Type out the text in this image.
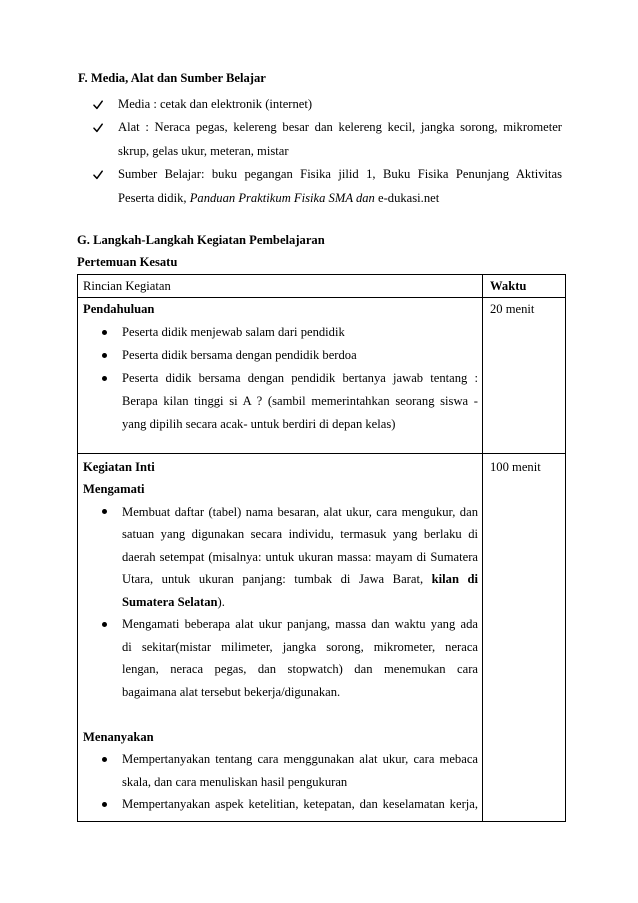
F. Media, Alat dan Sumber Belajar
Media : cetak dan elektronik (internet)
Alat : Neraca pegas, kelereng besar dan kelereng kecil, jangka sorong, mikrometer
skrup, gelas ukur, meteran, mistar
Sumber Belajar: buku pegangan Fisika jilid 1, Buku Fisika Penunjang Aktivitas
Peserta didik, Panduan Praktikum Fisika SMA dan e-dukasi.net
G. Langkah-Langkah Kegiatan Pembelajaran
Pertemuan Kesatu
Rincian Kegiatan	Waktu
Pendahuluan
Peserta didik menjewab salam dari pendidik
Peserta didik bersama dengan pendidik berdoa
Peserta didik bersama dengan pendidik bertanya jawab tentang :
Berapa kilan tinggi si A ? (sambil memerintahkan seorang siswa -
yang dipilih secara acak- untuk berdiri di depan kelas)
20 menit
Kegiatan Inti
Mengamati
Membuat daftar (tabel) nama besaran, alat ukur, cara mengukur, dan
satuan yang digunakan secara individu, termasuk yang berlaku di
daerah setempat (misalnya: untuk ukuran massa: mayam di Sumatera
Utara, untuk ukuran panjang: tumbak di Jawa Barat, kilan di
Sumatera Selatan).
Mengamati beberapa alat ukur panjang, massa dan waktu yang ada
di sekitar(mistar milimeter, jangka sorong, mikrometer, neraca
lengan, neraca pegas, dan stopwatch) dan menemukan cara
bagaimana alat tersebut bekerja/digunakan.
Menanyakan
Mempertanyakan tentang cara menggunakan alat ukur, cara mebaca
skala, dan cara menuliskan hasil pengukuran
Mempertanyakan aspek ketelitian, ketepatan, dan keselamatan kerja,
100 menit
